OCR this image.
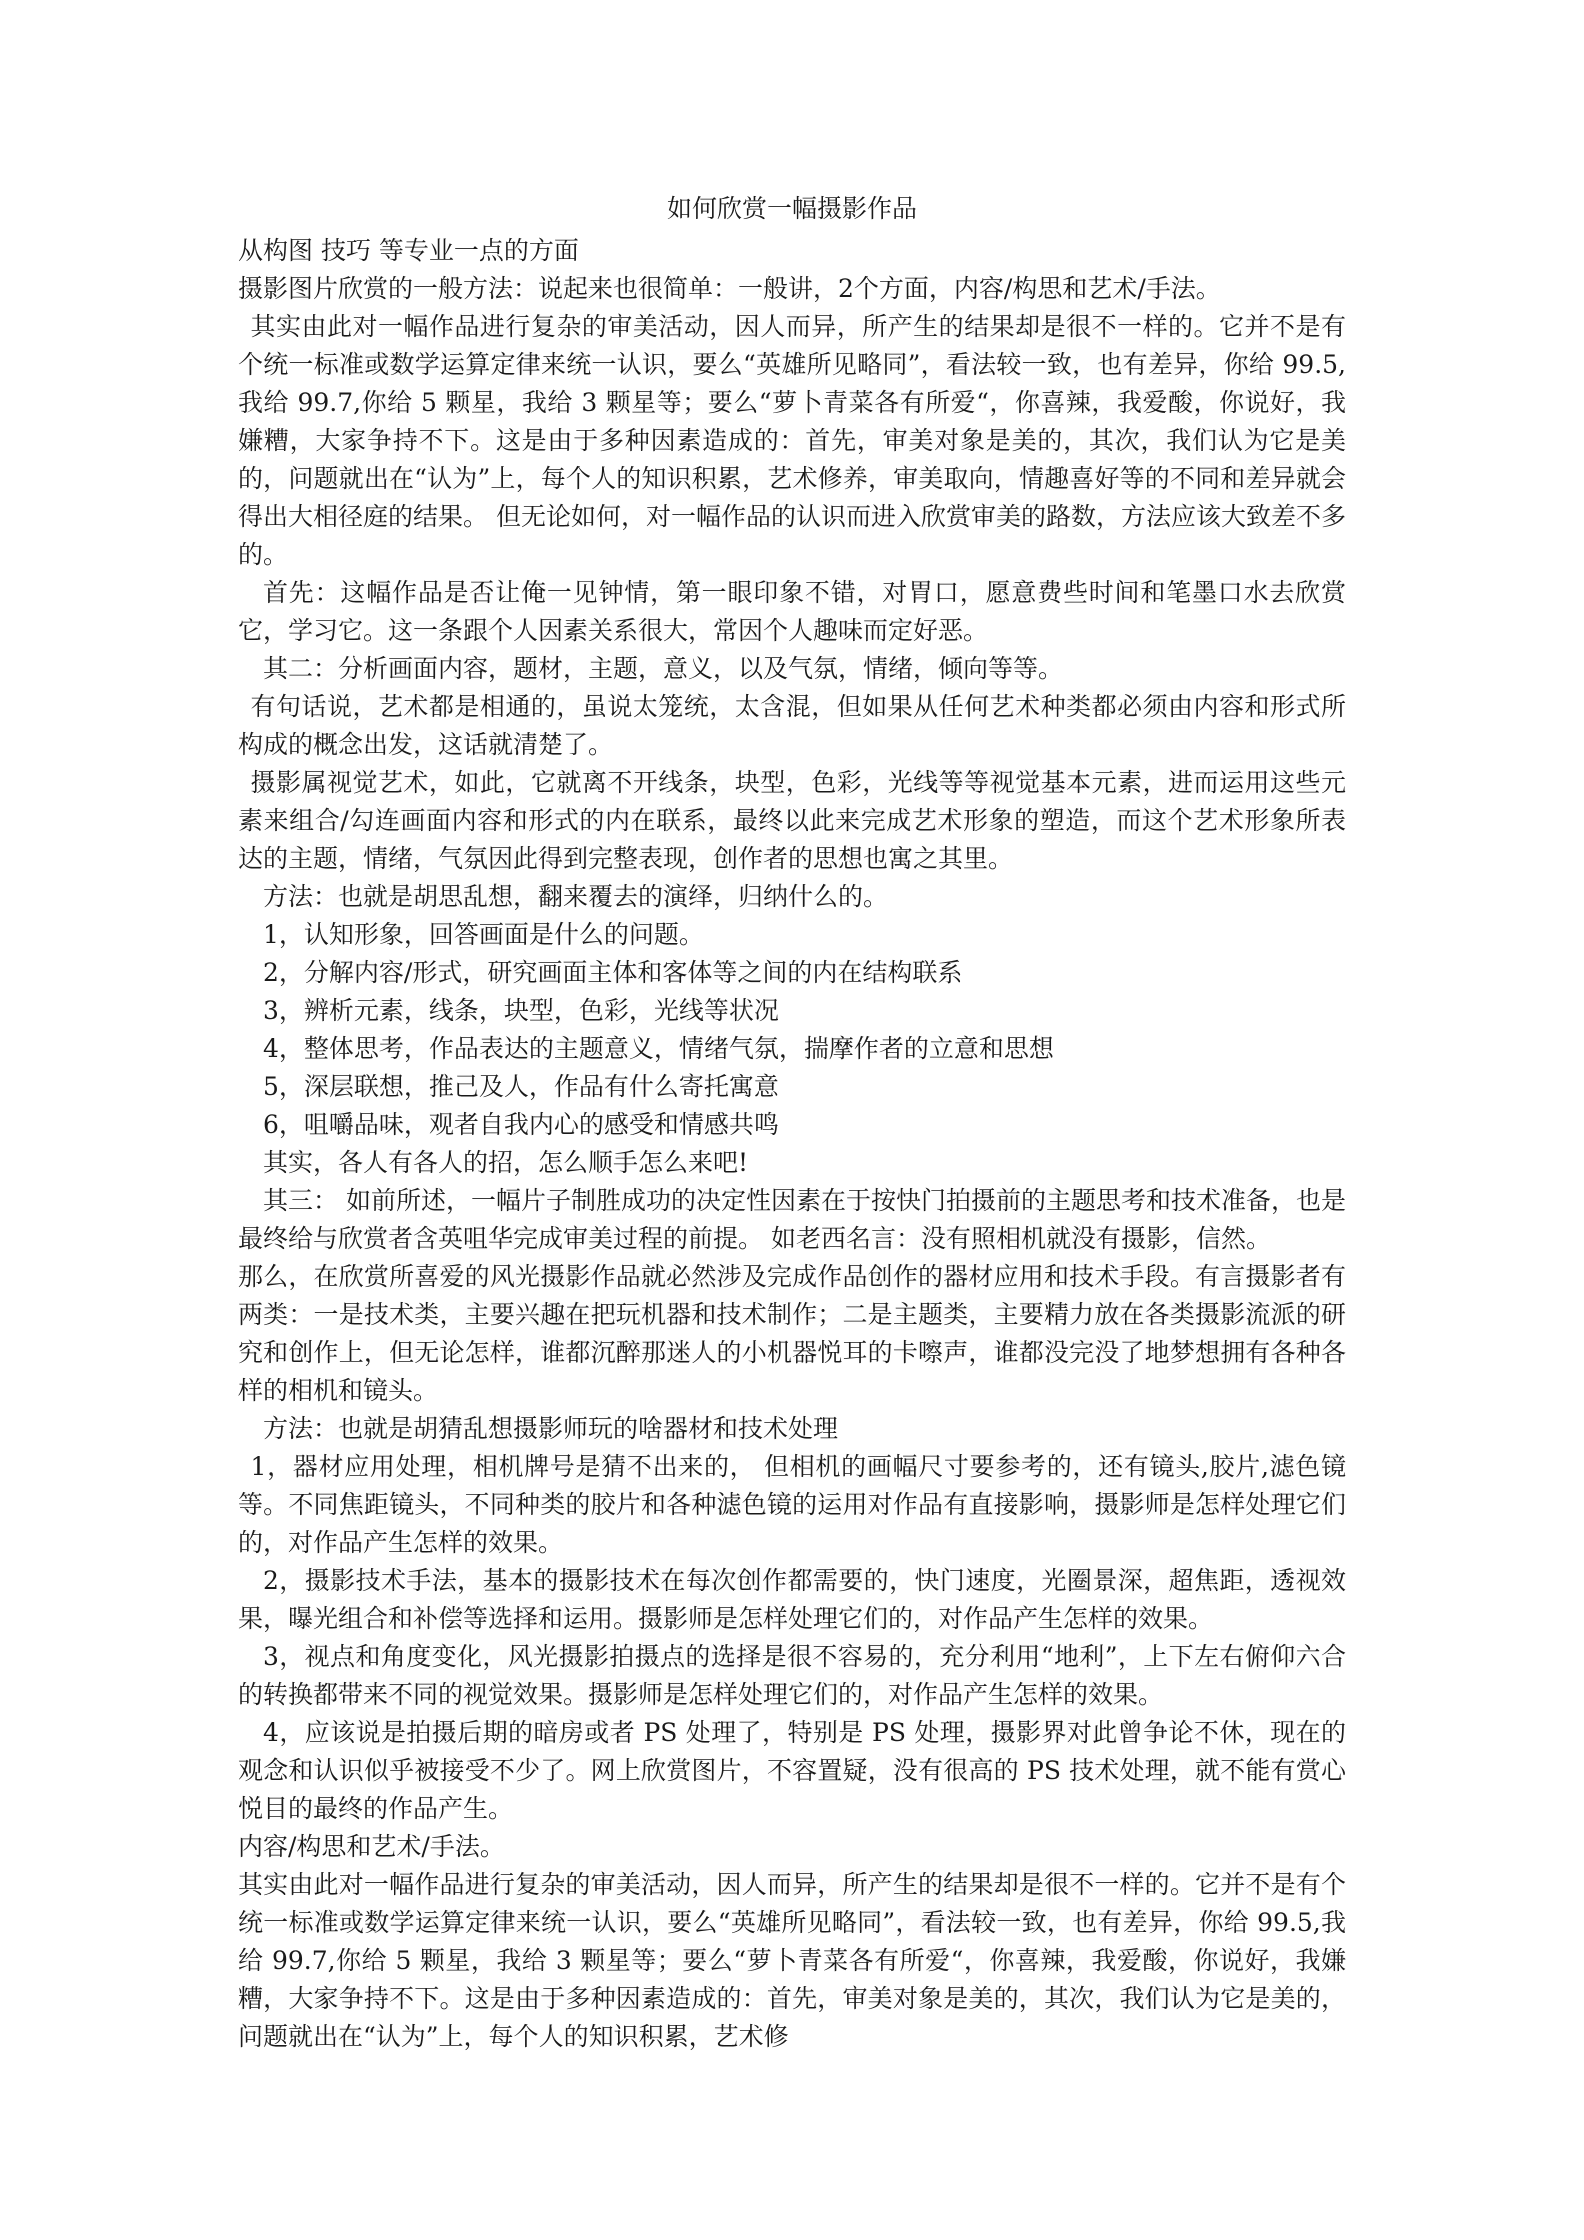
如何欣赏一幅摄影作品

从构图 技巧 等专业一点的方面

摄影图片欣赏的一般方法：说起来也很简单：一般讲，2个方面，内容/构思和艺术/手法。

其实由此对一幅作品进行复杂的审美活动，因人而异，所产生的结果却是很不一样的。它并不是有个统一标准或数学运算定律来统一认识，要么“英雄所见略同”，看法较一致，也有差异，你给 99.5,我给 99.7,你给 5 颗星，我给 3 颗星等；要么“萝卜青菜各有所爱“，你喜辣，我爱酸，你说好，我嫌糟，大家争持不下。这是由于多种因素造成的：首先，审美对象是美的，其次，我们认为它是美的，问题就出在“认为”上，每个人的知识积累，艺术修养，审美取向，情趣喜好等的不同和差异就会得出大相径庭的结果。 但无论如何，对一幅作品的认识而进入欣赏审美的路数，方法应该大致差不多的。

首先：这幅作品是否让俺一见钟情，第一眼印象不错，对胃口，愿意费些时间和笔墨口水去欣赏它，学习它。这一条跟个人因素关系很大，常因个人趣味而定好恶。

其二：分析画面内容，题材，主题，意义，以及气氛，情绪，倾向等等。

有句话说，艺术都是相通的，虽说太笼统，太含混，但如果从任何艺术种类都必须由内容和形式所构成的概念出发，这话就清楚了。

摄影属视觉艺术，如此，它就离不开线条，块型，色彩，光线等等视觉基本元素，进而运用这些元素来组合/勾连画面内容和形式的内在联系，最终以此来完成艺术形象的塑造，而这个艺术形象所表达的主题，情绪，气氛因此得到完整表现，创作者的思想也寓之其里。

方法：也就是胡思乱想，翻来覆去的演绎，归纳什么的。

1，认知形象，回答画面是什么的问题。

2，分解内容/形式，研究画面主体和客体等之间的内在结构联系

3，辨析元素，线条，块型，色彩，光线等状况

4，整体思考，作品表达的主题意义，情绪气氛，揣摩作者的立意和思想

5，深层联想，推己及人，作品有什么寄托寓意

6，咀嚼品味，观者自我内心的感受和情感共鸣

其实，各人有各人的招，怎么顺手怎么来吧!

其三： 如前所述，一幅片子制胜成功的决定性因素在于按快门拍摄前的主题思考和技术准备，也是最终给与欣赏者含英咀华完成审美过程的前提。 如老西名言：没有照相机就没有摄影，信然。

那么，在欣赏所喜爱的风光摄影作品就必然涉及完成作品创作的器材应用和技术手段。有言摄影者有两类：一是技术类，主要兴趣在把玩机器和技术制作；二是主题类，主要精力放在各类摄影流派的研究和创作上，但无论怎样，谁都沉醉那迷人的小机器悦耳的卡嚓声，谁都没完没了地梦想拥有各种各样的相机和镜头。

方法：也就是胡猜乱想摄影师玩的啥器材和技术处理

1，器材应用处理，相机牌号是猜不出来的， 但相机的画幅尺寸要参考的，还有镜头,胶片,滤色镜等。不同焦距镜头，不同种类的胶片和各种滤色镜的运用对作品有直接影响，摄影师是怎样处理它们的，对作品产生怎样的效果。

2，摄影技术手法，基本的摄影技术在每次创作都需要的，快门速度，光圈景深，超焦距，透视效果，曝光组合和补偿等选择和运用。摄影师是怎样处理它们的，对作品产生怎样的效果。

3，视点和角度变化，风光摄影拍摄点的选择是很不容易的，充分利用“地利”，上下左右俯仰六合的转换都带来不同的视觉效果。摄影师是怎样处理它们的，对作品产生怎样的效果。

4，应该说是拍摄后期的暗房或者 PS 处理了，特别是 PS 处理，摄影界对此曾争论不休，现在的观念和认识似乎被接受不少了。网上欣赏图片，不容置疑，没有很高的 PS 技术处理，就不能有赏心悦目的最终的作品产生。

内容/构思和艺术/手法。

其实由此对一幅作品进行复杂的审美活动，因人而异，所产生的结果却是很不一样的。它并不是有个统一标准或数学运算定律来统一认识，要么“英雄所见略同”，看法较一致，也有差异，你给 99.5,我给 99.7,你给 5 颗星，我给 3 颗星等；要么“萝卜青菜各有所爱“，你喜辣，我爱酸，你说好，我嫌糟，大家争持不下。这是由于多种因素造成的：首先，审美对象是美的，其次，我们认为它是美的，问题就出在“认为”上，每个人的知识积累，艺术修
